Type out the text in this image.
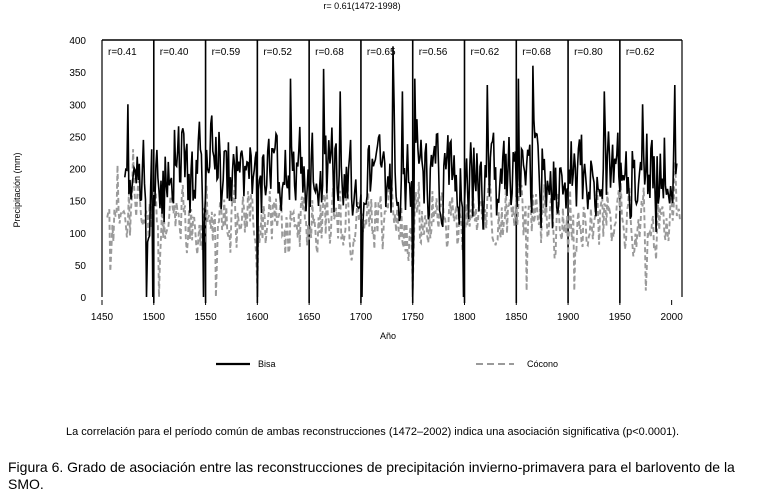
r= 0.61(1472-1998)
0
50
100
150
200
250
300
350
400
1450	1500	1550	1600	1650	1700	1750	1800	1850	1900	1950	2000
r=0.41 r=0.40 r=0.59 r=0.52 r=0.68 r=0.65 r=0.56 r=0.62 r=0.68 r=0.80 r=0.62
Precipitación (mm)
Año
Bisa	Cócono
La correlación para el período común de ambas reconstrucciones (1472–2002) indica una asociación significativa (p<0.0001).
Figura 6. Grado de asociación entre las reconstrucciones de precipitación invierno-primavera para el barlovento de la SMO.
